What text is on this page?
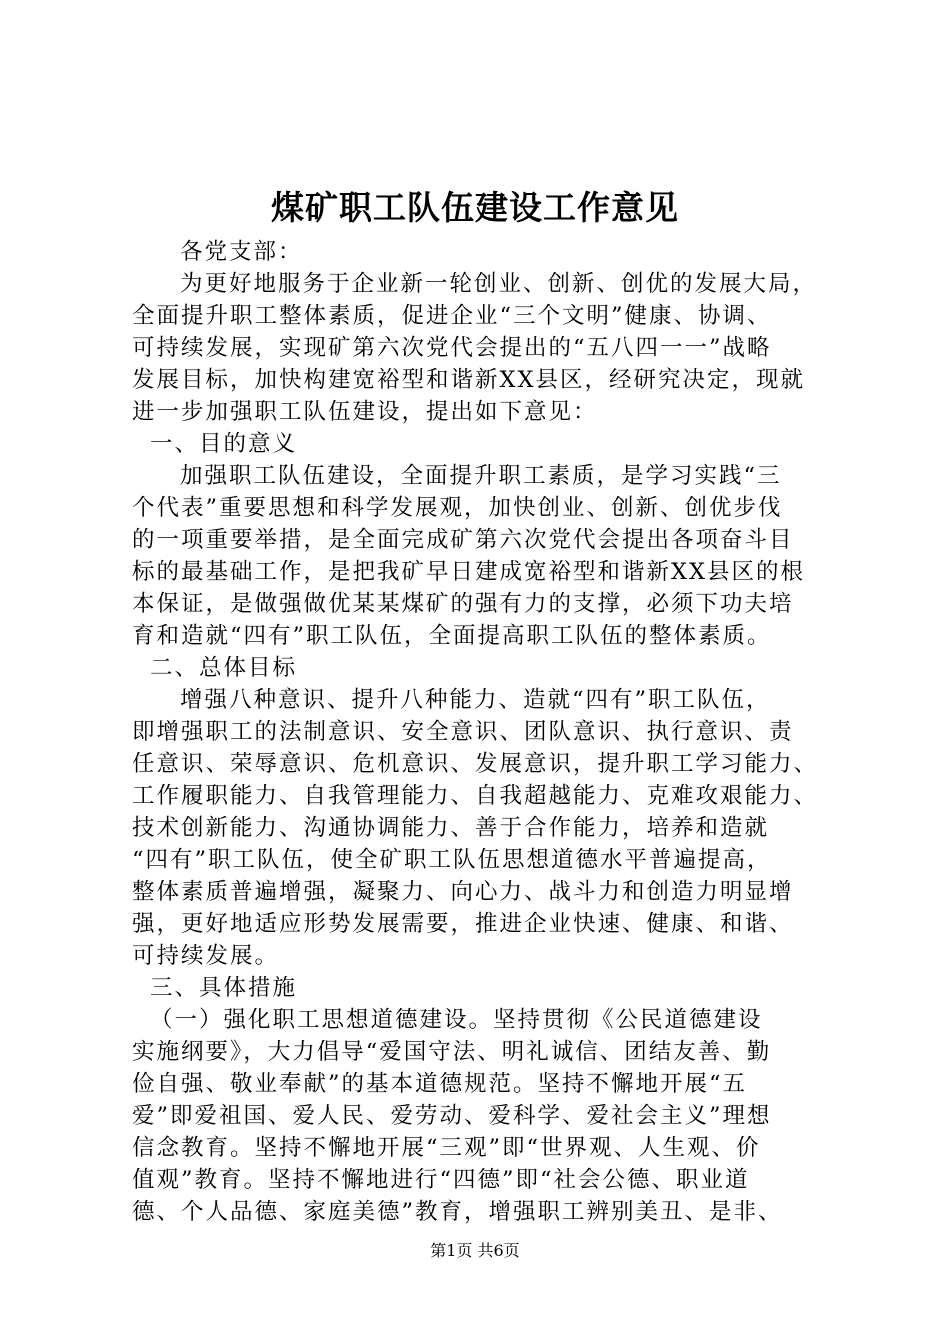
煤矿职工队伍建设工作意见
各党支部：
为更好地服务于企业新一轮创业、创新、创优的发展大局，
全面提升职工整体素质，促进企业“三个文明”健康、协调、
可持续发展，实现矿第六次党代会提出的“五八四一一”战略
发展目标，加快构建宽裕型和谐新XX县区，经研究决定，现就
进一步加强职工队伍建设，提出如下意见：
一、目的意义
加强职工队伍建设，全面提升职工素质，是学习实践“三
个代表”重要思想和科学发展观，加快创业、创新、创优步伐
的一项重要举措，是全面完成矿第六次党代会提出各项奋斗目
标的最基础工作，是把我矿早日建成宽裕型和谐新XX县区的根
本保证，是做强做优某某煤矿的强有力的支撑，必须下功夫培
育和造就“四有”职工队伍，全面提高职工队伍的整体素质。
二、总体目标
增强八种意识、提升八种能力、造就“四有”职工队伍，
即增强职工的法制意识、安全意识、团队意识、执行意识、责
任意识、荣辱意识、危机意识、发展意识，提升职工学习能力、
工作履职能力、自我管理能力、自我超越能力、克难攻艰能力、
技术创新能力、沟通协调能力、善于合作能力，培养和造就
“四有”职工队伍，使全矿职工队伍思想道德水平普遍提高，
整体素质普遍增强，凝聚力、向心力、战斗力和创造力明显增
强，更好地适应形势发展需要，推进企业快速、健康、和谐、
可持续发展。
三、具体措施
（一）强化职工思想道德建设。坚持贯彻《公民道德建设
实施纲要》，大力倡导“爱国守法、明礼诚信、团结友善、勤
俭自强、敬业奉献”的基本道德规范。坚持不懈地开展“五
爱”即爱祖国、爱人民、爱劳动、爱科学、爱社会主义”理想
信念教育。坚持不懈地开展“三观”即“世界观、人生观、价
值观”教育。坚持不懈地进行“四德”即“社会公德、职业道
德、个人品德、家庭美德”教育，增强职工辨别美丑、是非、
第1页 共6页
